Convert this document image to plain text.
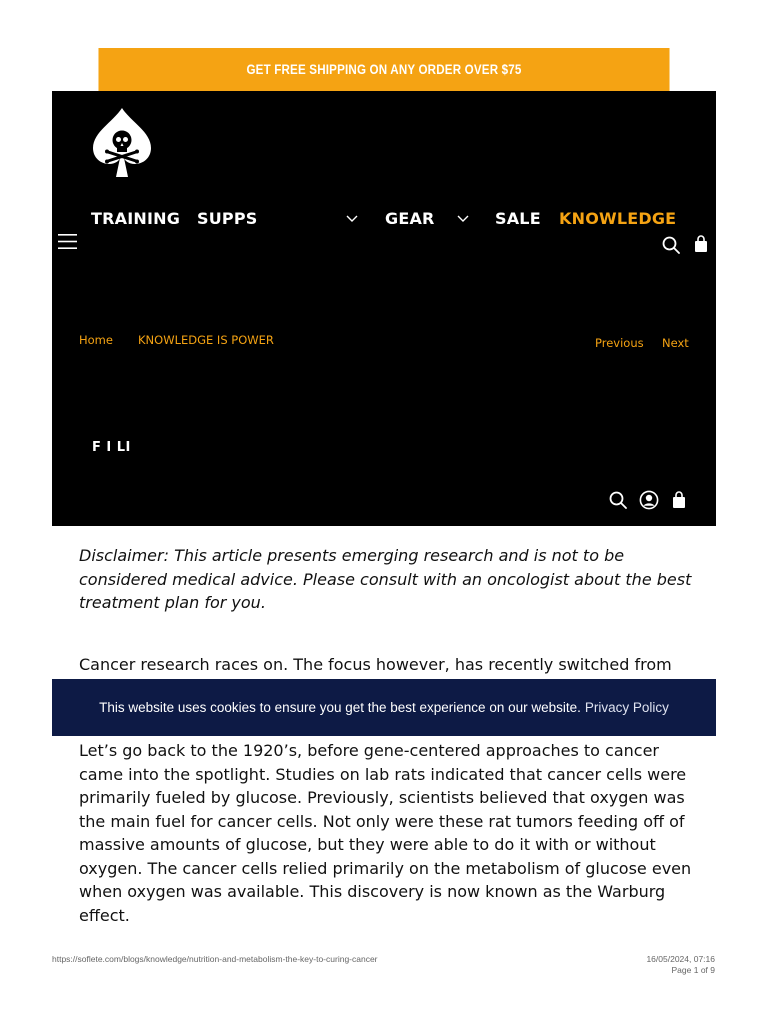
GET FREE SHIPPING ON ANY ORDER OVER $75
TRAINING SUPPS	GEAR	SALE KNOWLEDGE
Home KNOWLEDGE IS POWER	Previous Next
F I LI

Disclaimer: This article presents emerging research and is not to be considered medical advice. Please consult with an oncologist about the best treatment plan for you.

Cancer research races on. The focus however, has recently switched from

Let’s go back to the 1920’s, before gene-centered approaches to cancer came into the spotlight. Studies on lab rats indicated that cancer cells were primarily fueled by glucose. Previously, scientists believed that oxygen was the main fuel for cancer cells. Not only were these rat tumors feeding off of massive amounts of glucose, but they were able to do it with or without oxygen. The cancer cells relied primarily on the metabolism of glucose even when oxygen was available. This discovery is now known as the Warburg effect.

This website uses cookies to ensure you get the best experience on our website. Privacy Policy
https://soflete.com/blogs/knowledge/nutrition-and-metabolism-the-key-to-curing-cancer	16/05/2024, 07:16
Page 1 of 9
